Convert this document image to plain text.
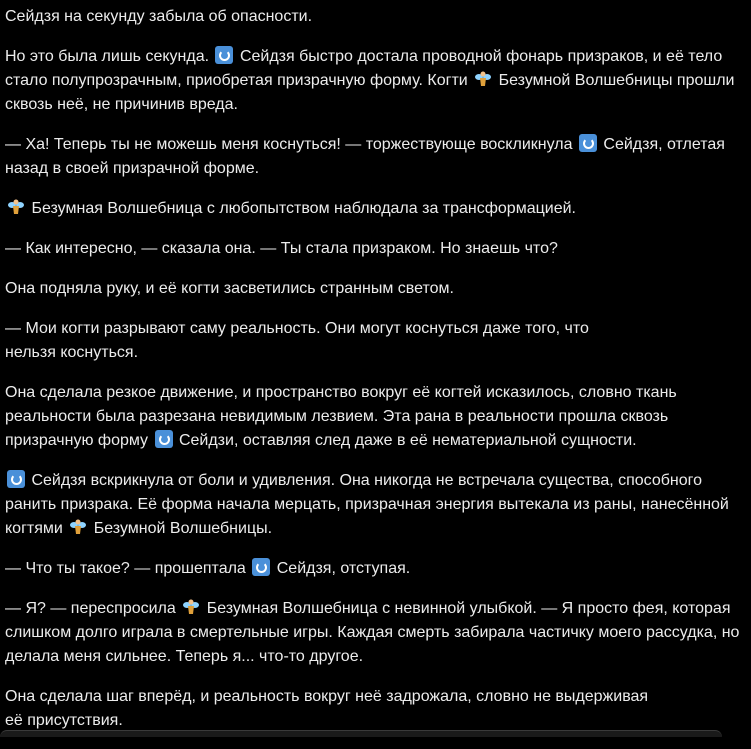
Сейдзя на секунду забыла об опасности.

Но это была лишь секунда. Сейдзя быстро достала проводной фонарь призраков, и её тело стало полупрозрачным, приобретая призрачную форму. Когти Безумной Волшебницы прошли сквозь неё, не причинив вреда.

— Ха! Теперь ты не можешь меня коснуться! — торжествующе воскликнула Сейдзя, отлетая назад в своей призрачной форме.

Безумная Волшебница с любопытством наблюдала за трансформацией.

— Как интересно, — сказала она. — Ты стала призраком. Но знаешь что?

Она подняла руку, и её когти засветились странным светом.

— Мои когти разрывают саму реальность. Они могут коснуться даже того, что
нельзя коснуться.

Она сделала резкое движение, и пространство вокруг её когтей исказилось, словно ткань реальности была разрезана невидимым лезвием. Эта рана в реальности прошла сквозь призрачную форму Сейдзи, оставляя след даже в её нематериальной сущности.

Сейдзя вскрикнула от боли и удивления. Она никогда не встречала существа, способного ранить призрака. Её форма начала мерцать, призрачная энергия вытекала из раны, нанесённой когтями Безумной Волшебницы.

— Что ты такое? — прошептала Сейдзя, отступая.

— Я? — переспросила Безумная Волшебница с невинной улыбкой. — Я просто фея, которая слишком долго играла в смертельные игры. Каждая смерть забирала частичку моего рассудка, но делала меня сильнее. Теперь я... что-то другое.

Она сделала шаг вперёд, и реальность вокруг неё задрожала, словно не выдерживая
её присутствия.
